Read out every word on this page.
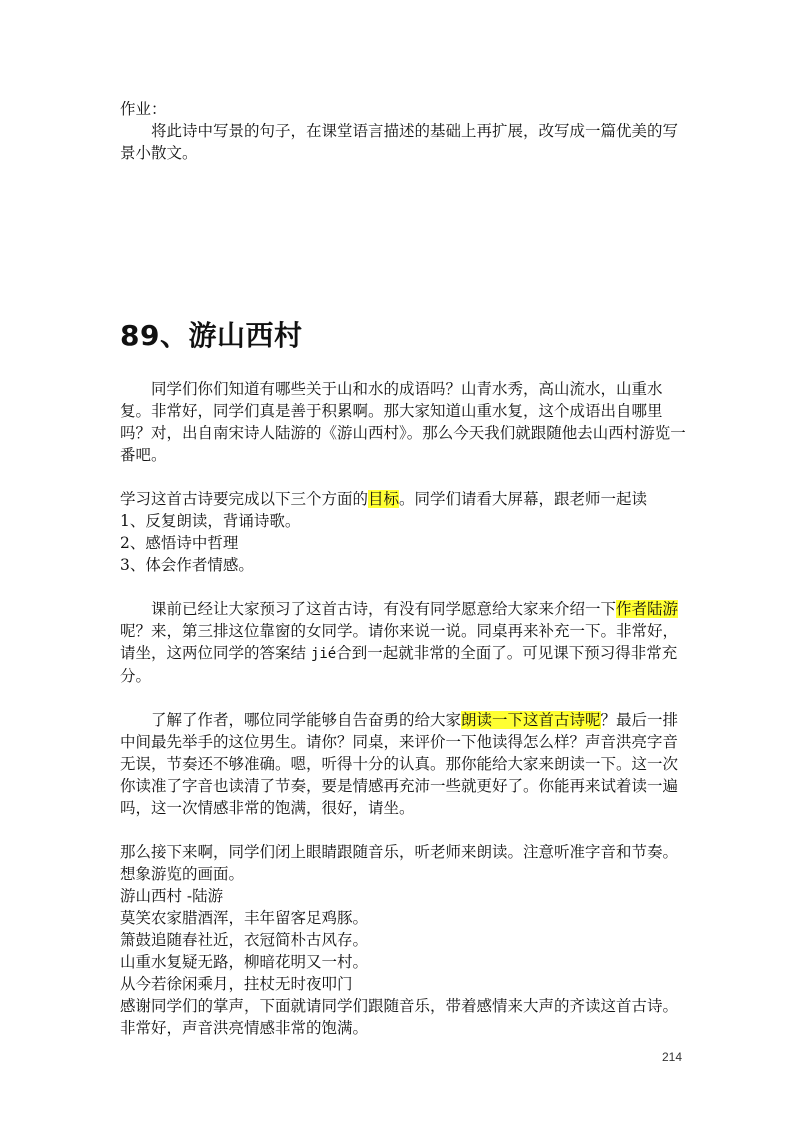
作业：

将此诗中写景的句子，在课堂语言描述的基础上再扩展，改写成一篇优美的写景小散文。

89、游山西村

同学们你们知道有哪些关于山和水的成语吗？山青水秀，高山流水，山重水复。非常好，同学们真是善于积累啊。那大家知道山重水复，这个成语出自哪里吗？对，出自南宋诗人陆游的《游山西村》。那么今天我们就跟随他去山西村游览一番吧。

学习这首古诗要完成以下三个方面的目标。同学们请看大屏幕，跟老师一起读

1、反复朗读，背诵诗歌。

2、感悟诗中哲理

3、体会作者情感。

课前已经让大家预习了这首古诗，有没有同学愿意给大家来介绍一下作者陆游呢？来，第三排这位靠窗的女同学。请你来说一说。同桌再来补充一下。非常好，请坐，这两位同学的答案结 jié合到一起就非常的全面了。可见课下预习得非常充分。

了解了作者，哪位同学能够自告奋勇的给大家朗读一下这首古诗呢？最后一排中间最先举手的这位男生。请你？同桌，来评价一下他读得怎么样？声音洪亮字音无误，节奏还不够准确。嗯，听得十分的认真。那你能给大家来朗读一下。这一次你读准了字音也读清了节奏，要是情感再充沛一些就更好了。你能再来试着读一遍吗，这一次情感非常的饱满，很好，请坐。

那么接下来啊，同学们闭上眼睛跟随音乐，听老师来朗读。注意听准字音和节奏。想象游览的画面。

游山西村 -陆游

莫笑农家腊酒浑，丰年留客足鸡豚。

箫鼓追随春社近，衣冠简朴古风存。

山重水复疑无路，柳暗花明又一村。

从今若徐闲乘月，拄杖无时夜叩门

感谢同学们的掌声，下面就请同学们跟随音乐，带着感情来大声的齐读这首古诗。非常好，声音洪亮情感非常的饱满。

214
